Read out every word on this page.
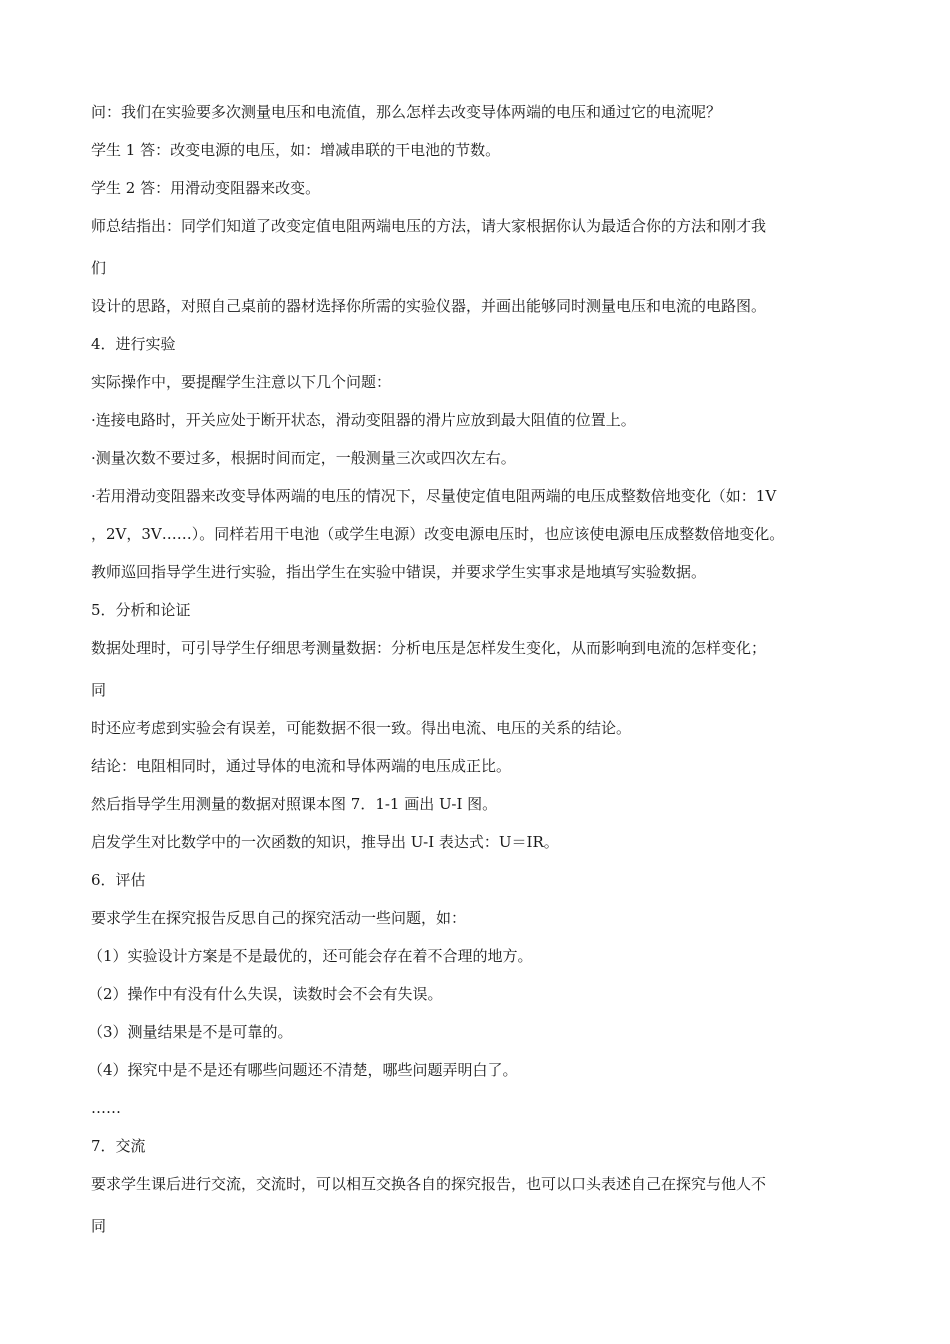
问：我们在实验要多次测量电压和电流值，那么怎样去改变导体两端的电压和通过它的电流呢？
学生 1 答：改变电源的电压，如：增减串联的干电池的节数。
学生 2 答：用滑动变阻器来改变。
师总结指出：同学们知道了改变定值电阻两端电压的方法，请大家根据你认为最适合你的方法和刚才我
们
设计的思路，对照自己桌前的器材选择你所需的实验仪器，并画出能够同时测量电压和电流的电路图。
4．进行实验
实际操作中，要提醒学生注意以下几个问题：
·连接电路时，开关应处于断开状态，滑动变阻器的滑片应放到最大阻值的位置上。
·测量次数不要过多，根据时间而定，一般测量三次或四次左右。
·若用滑动变阻器来改变导体两端的电压的情况下，尽量使定值电阻两端的电压成整数倍地变化（如：1V
，2V，3V……）。同样若用干电池（或学生电源）改变电源电压时，也应该使电源电压成整数倍地变化。
教师巡回指导学生进行实验，指出学生在实验中错误，并要求学生实事求是地填写实验数据。
5．分析和论证
数据处理时，可引导学生仔细思考测量数据：分析电压是怎样发生变化，从而影响到电流的怎样变化；
同
时还应考虑到实验会有误差，可能数据不很一致。得出电流、电压的关系的结论。
结论：电阻相同时，通过导体的电流和导体两端的电压成正比。
然后指导学生用测量的数据对照课本图 7．1-1 画出 U-I 图。
启发学生对比数学中的一次函数的知识，推导出 U-I 表达式：U＝IR。
6．评估
要求学生在探究报告反思自己的探究活动一些问题，如：
（1）实验设计方案是不是最优的，还可能会存在着不合理的地方。
（2）操作中有没有什么失误，读数时会不会有失误。
（3）测量结果是不是可靠的。
（4）探究中是不是还有哪些问题还不清楚，哪些问题弄明白了。
……
7．交流
要求学生课后进行交流，交流时，可以相互交换各自的探究报告，也可以口头表述自己在探究与他人不
同
